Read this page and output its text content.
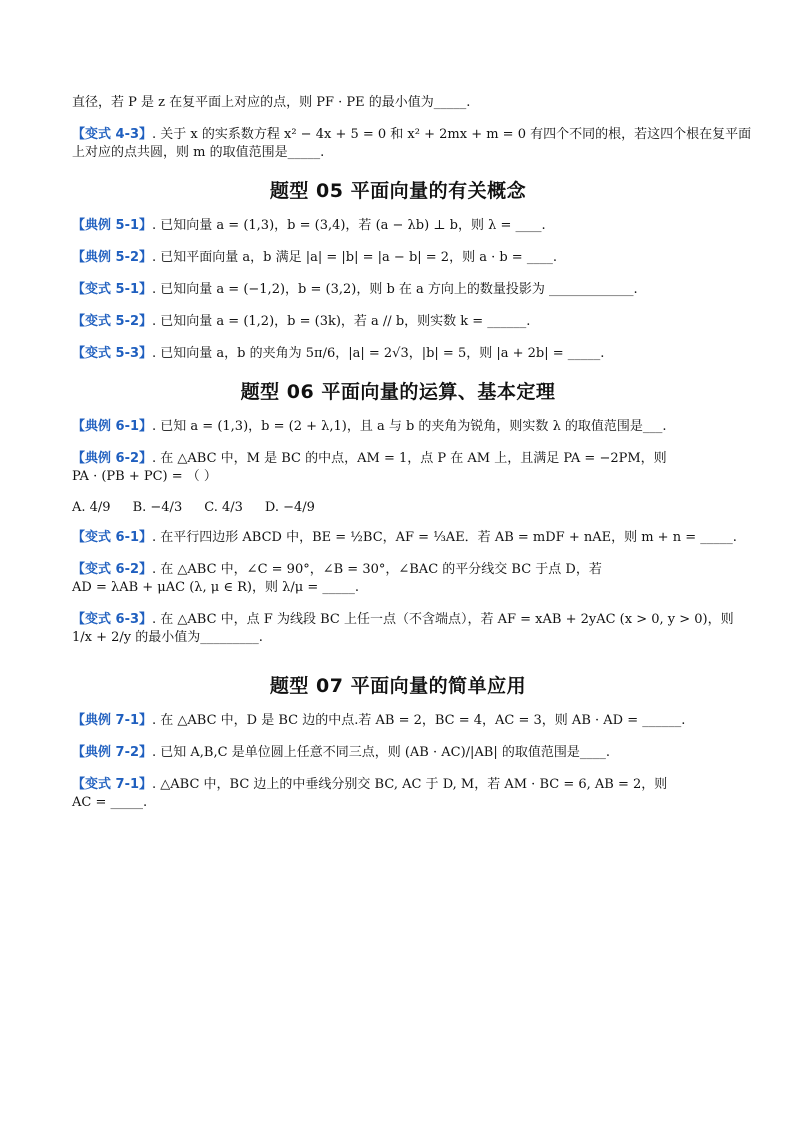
直径，若 P 是 z 在复平面上对应的点，则 PF · PE 的最小值为_____.
【变式 4-3】. 关于 x 的实系数方程 x² − 4x + 5 = 0 和 x² + 2mx + m = 0 有四个不同的根，若这四个根在复平面
上对应的点共圆，则 m 的取值范围是_____.
题型 05 平面向量的有关概念
【典例 5-1】. 已知向量 a = (1,3)，b = (3,4)，若 (a − λb) ⊥ b，则 λ = ____.
【典例 5-2】. 已知平面向量 a，b 满足 |a| = |b| = |a − b| = 2，则 a · b = ____.
【变式 5-1】. 已知向量 a = (−1,2)，b = (3,2)，则 b 在 a 方向上的数量投影为 _____________.
【变式 5-2】. 已知向量 a = (1,2)，b = (3k)，若 a // b，则实数 k = ______.
【变式 5-3】. 已知向量 a，b 的夹角为 5π/6，|a| = 2√3，|b| = 5，则 |a + 2b| = _____.
题型 06 平面向量的运算、基本定理
【典例 6-1】. 已知 a = (1,3)，b = (2 + λ,1)，且 a 与 b 的夹角为锐角，则实数 λ 的取值范围是___.
【典例 6-2】. 在 △ABC 中，M 是 BC 的中点，AM = 1，点 P 在 AM 上，且满足 PA = −2PM，则
PA · (PB + PC) = （ ）
A. 4/9 B. −4/3 C. 4/3 D. −4/9
【变式 6-1】. 在平行四边形 ABCD 中，BE = ½BC，AF = ⅓AE．若 AB = mDF + nAE，则 m + n = _____.
【变式 6-2】. 在 △ABC 中，∠C = 90°，∠B = 30°，∠BAC 的平分线交 BC 于点 D，若
AD = λAB + μAC (λ, μ ∈ R)，则 λ/μ = _____.
【变式 6-3】. 在 △ABC 中，点 F 为线段 BC 上任一点（不含端点），若 AF = xAB + 2yAC (x > 0, y > 0)，则
1/x + 2/y 的最小值为_________.
题型 07 平面向量的简单应用
【典例 7-1】. 在 △ABC 中，D 是 BC 边的中点.若 AB = 2，BC = 4，AC = 3，则 AB · AD = ______.
【典例 7-2】. 已知 A,B,C 是单位圆上任意不同三点，则 (AB · AC)/|AB| 的取值范围是____.
【变式 7-1】. △ABC 中，BC 边上的中垂线分别交 BC, AC 于 D, M，若 AM · BC = 6, AB = 2，则
AC = _____.
